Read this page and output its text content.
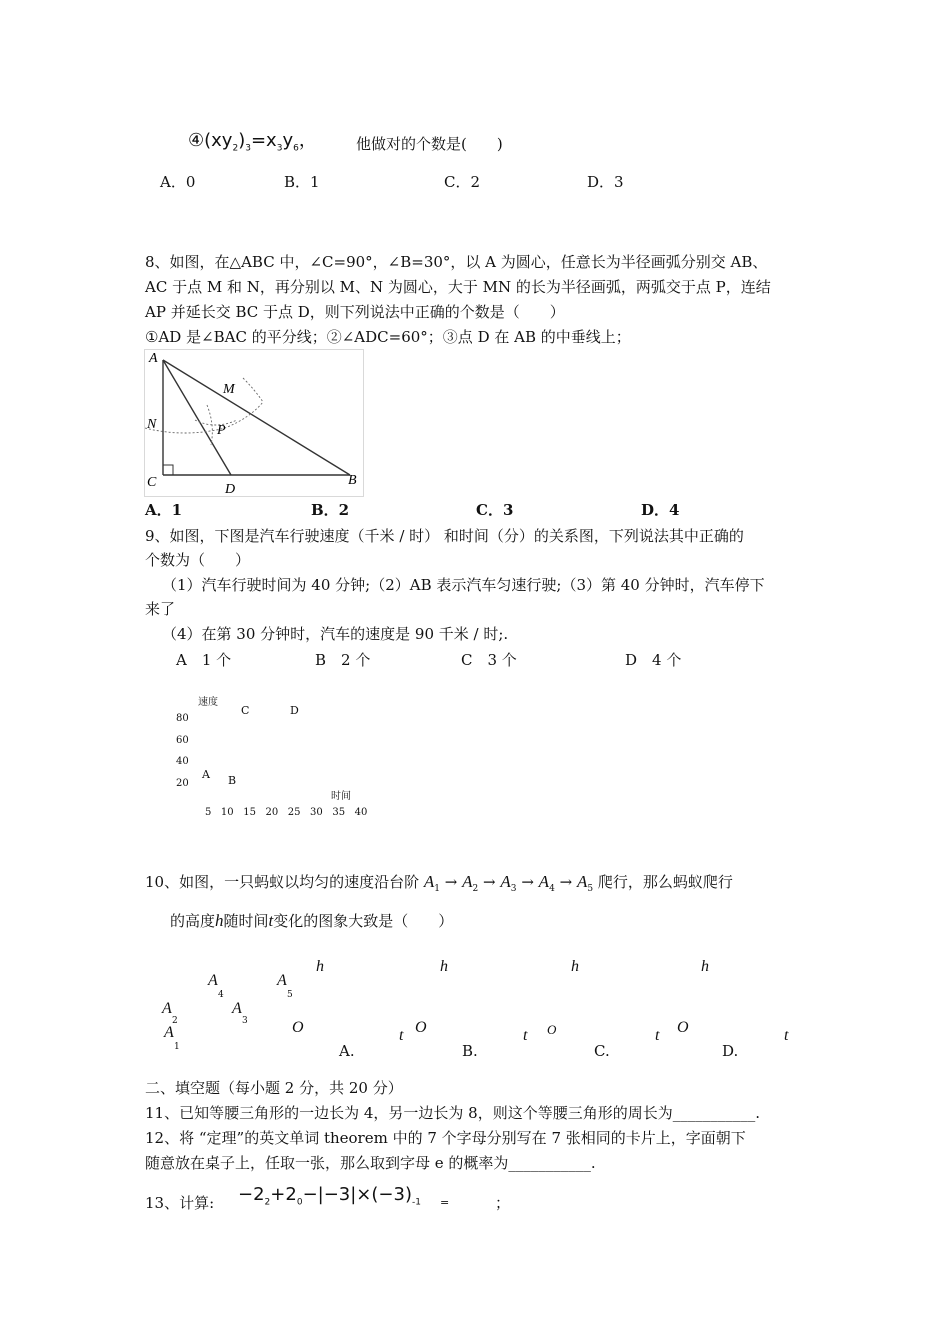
$④(xy_2)_3=x_3y_6$，	他做对的个数是(　　)
A．0	B．1	C．2	D．3
8、如图，在△ABC 中，∠C=90°，∠B=30°，以 A 为圆心，任意长为半径画弧分别交 AB、
AC 于点 M 和 N，再分别以 M、N 为圆心，大于 MN 的长为半径画弧，两弧交于点 P，连结
AP 并延长交 BC 于点 D，则下列说法中正确的个数是（　　）
①AD 是∠BAC 的平分线；②∠ADC=60°；③点 D 在 AB 的中垂线上；
A
M
N	P
C	D
B
A．1	B．2	C．3	D．4
9、如图，下图是汽车行驶速度（千米 / 时） 和时间（分）的关系图，下列说法其中正确的
个数为（　　）
（1）汽车行驶时间为 40 分钟;（2）AB 表示汽车匀速行驶;（3）第 40 分钟时，汽车停下
来了
（4）在第 30 分钟时，汽车的速度是 90 千米 / 时;.
A　1 个	B　2 个	C　3 个	D　4 个
速度
C	D
80
60
40
A B
20
时间
5 10 15 20 25 30 35 40
10、如图，一只蚂蚁以均匀的速度沿台阶 $A_1 \to A_2 \to A_3 \to A_4 \to A_5$ 爬行，那么蚂蚁爬行
的高度h随时间t变化的图象大致是（　　）
A
4
A
5
A
2
A
3
A
1
h	h	h	h
O	O	O	O
t	t	t	t
A.	B.	C.	D.
二、填空题（每小题 2 分，共 20 分）
11、已知等腰三角形的一边长为 4，另一边长为 8，则这个等腰三角形的周长为___________.
12、将 “定理”的英文单词 theorem 中的 7 个字母分别写在 7 张相同的卡片上，字面朝下
随意放在桌子上，任取一张，那么取到字母 e 的概率为___________.
13、计算: $-2_2+2_0-|-3|\times(-3)_{-1}$ =	；
